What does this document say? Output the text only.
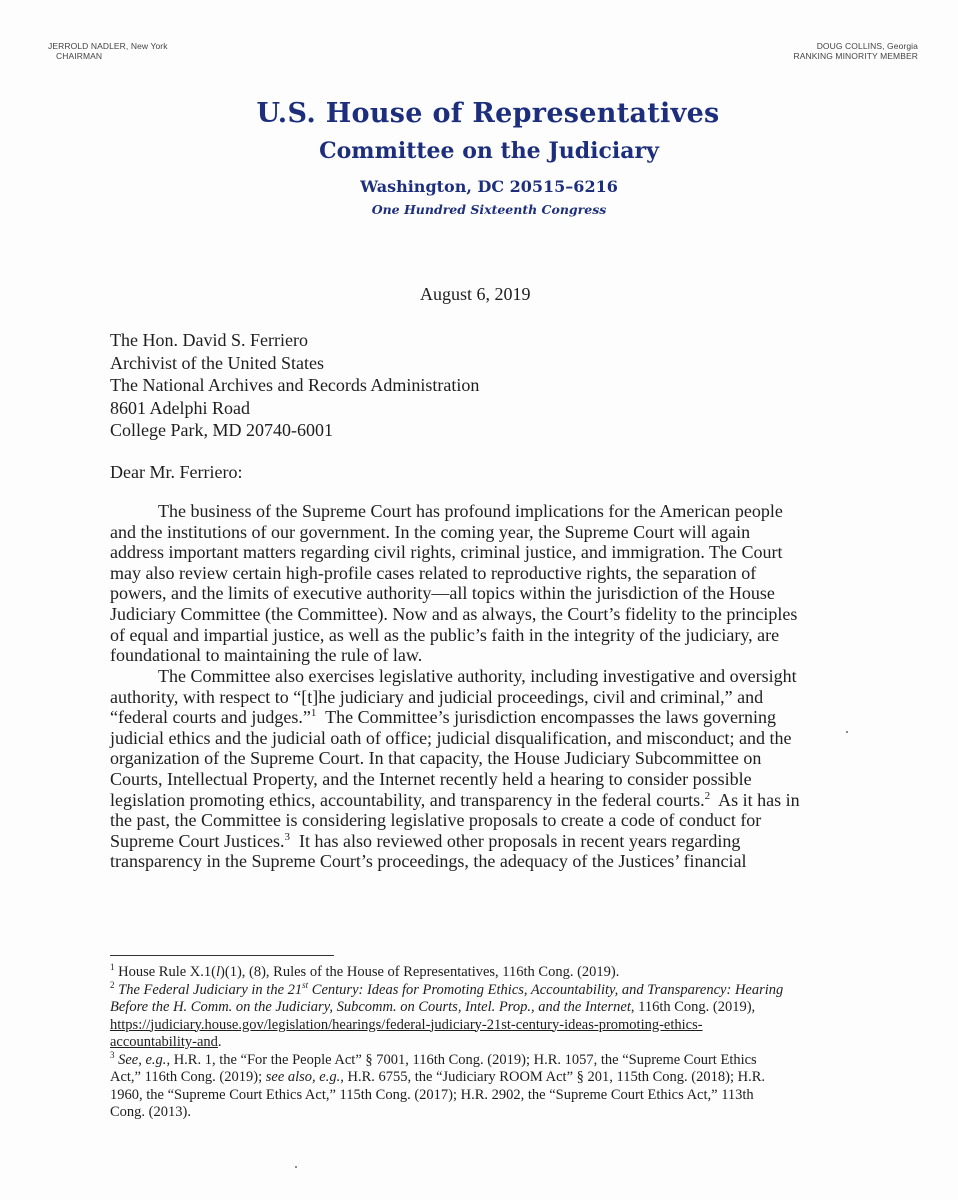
JERROLD NADLER, New York
CHAIRMAN
DOUG COLLINS, Georgia
RANKING MINORITY MEMBER
U.S. House of Representatives
Committee on the Judiciary
Washington, DC 20515–6216
One Hundred Sixteenth Congress
August 6, 2019
The Hon. David S. Ferriero
Archivist of the United States
The National Archives and Records Administration
8601 Adelphi Road
College Park, MD 20740-6001
Dear Mr. Ferriero:
The business of the Supreme Court has profound implications for the American people
and the institutions of our government. In the coming year, the Supreme Court will again
address important matters regarding civil rights, criminal justice, and immigration. The Court
may also review certain high-profile cases related to reproductive rights, the separation of
powers, and the limits of executive authority—all topics within the jurisdiction of the House
Judiciary Committee (the Committee). Now and as always, the Court’s fidelity to the principles
of equal and impartial justice, as well as the public’s faith in the integrity of the judiciary, are
foundational to maintaining the rule of law.
The Committee also exercises legislative authority, including investigative and oversight
authority, with respect to “[t]he judiciary and judicial proceedings, civil and criminal,” and
“federal courts and judges.”$^1$  The Committee’s jurisdiction encompasses the laws governing
judicial ethics and the judicial oath of office; judicial disqualification, and misconduct; and the
organization of the Supreme Court. In that capacity, the House Judiciary Subcommittee on
Courts, Intellectual Property, and the Internet recently held a hearing to consider possible
legislation promoting ethics, accountability, and transparency in the federal courts.$^2$  As it has in
the past, the Committee is considering legislative proposals to create a code of conduct for
Supreme Court Justices.$^3$  It has also reviewed other proposals in recent years regarding
transparency in the Supreme Court’s proceedings, the adequacy of the Justices’ financial
$^1$ House Rule X.1(l)(1), (8), Rules of the House of Representatives, 116th Cong. (2019).
$^2$ The Federal Judiciary in the 21st Century: Ideas for Promoting Ethics, Accountability, and Transparency: Hearing
Before the H. Comm. on the Judiciary, Subcomm. on Courts, Intel. Prop., and the Internet, 116th Cong. (2019),
https://judiciary.house.gov/legislation/hearings/federal-judiciary-21st-century-ideas-promoting-ethics-
accountability-and.
$^3$ See, e.g., H.R. 1, the “For the People Act” § 7001, 116th Cong. (2019); H.R. 1057, the “Supreme Court Ethics
Act,” 116th Cong. (2019); see also, e.g., H.R. 6755, the “Judiciary ROOM Act” § 201, 115th Cong. (2018); H.R.
1960, the “Supreme Court Ethics Act,” 115th Cong. (2017); H.R. 2902, the “Supreme Court Ethics Act,” 113th
Cong. (2013).
